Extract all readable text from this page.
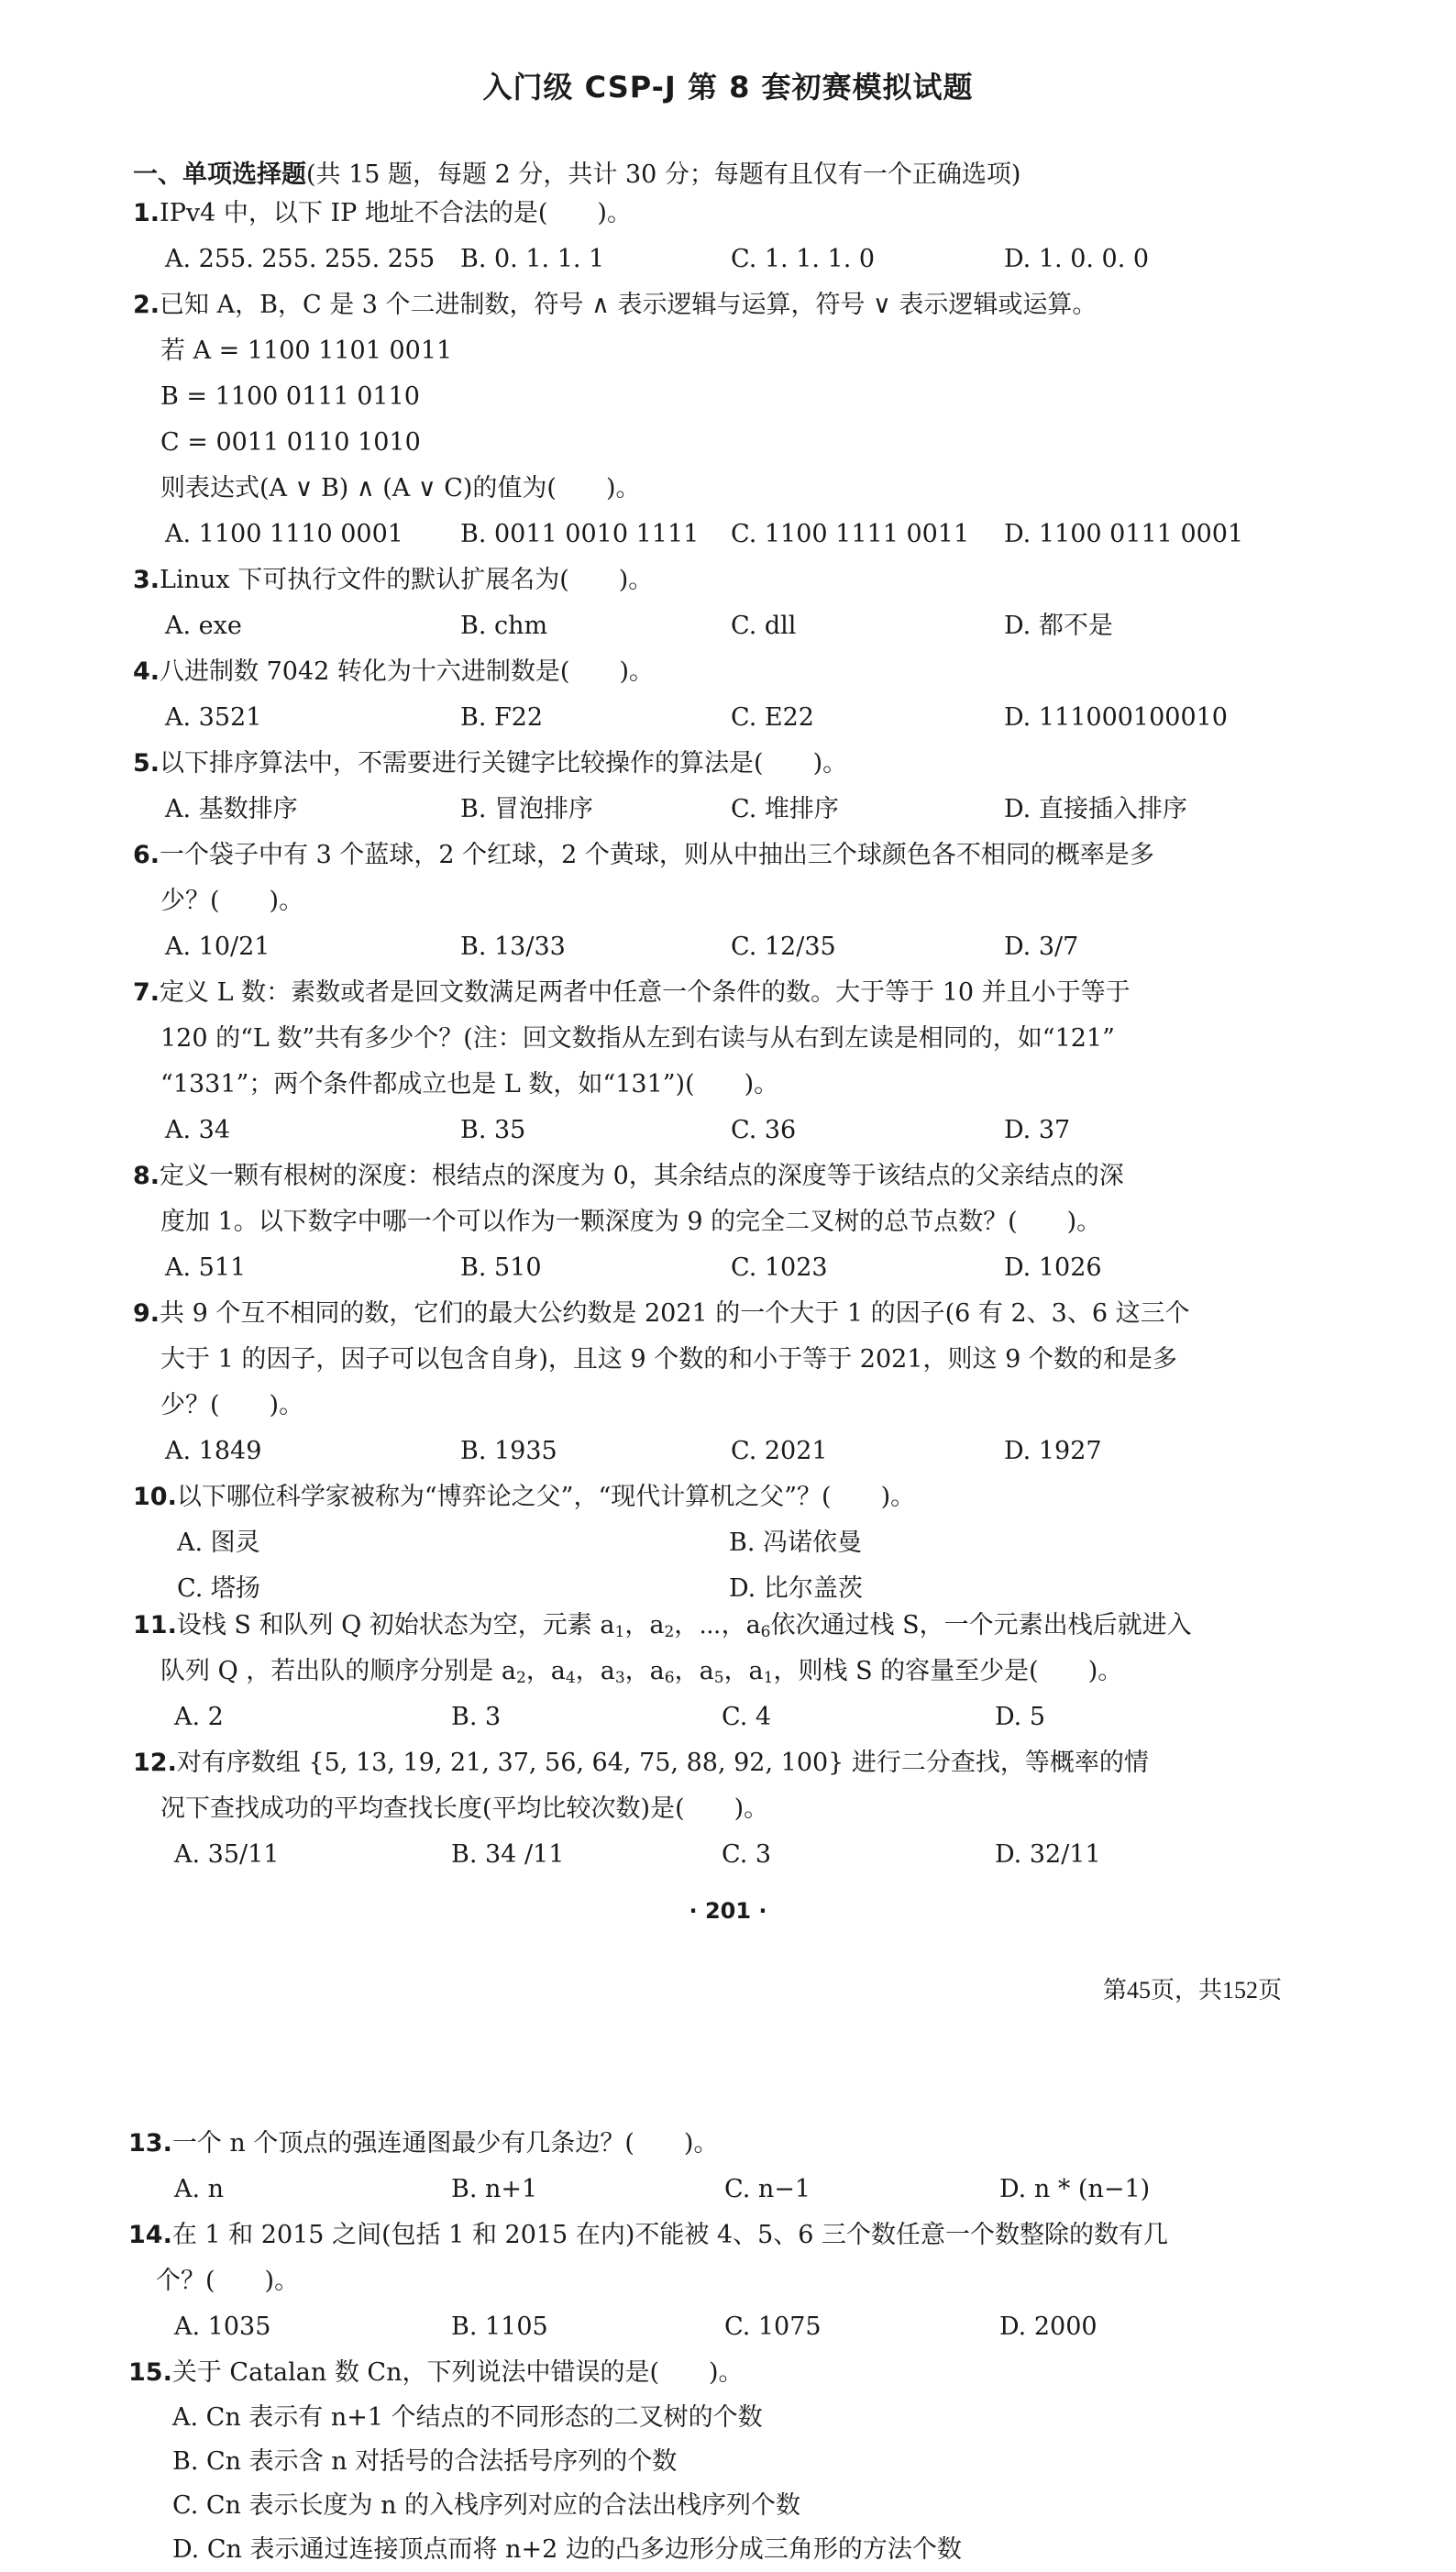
入门级 CSP-J 第 8 套初赛模拟试题
一、单项选择题(共 15 题，每题 2 分，共计 30 分；每题有且仅有一个正确选项)
1.IPv4 中，以下 IP 地址不合法的是(　　)。
A. 255. 255. 255. 255 B. 0. 1. 1. 1	C. 1. 1. 1. 0	D. 1. 0. 0. 0
2.已知 A，B，C 是 3 个二进制数，符号 ∧ 表示逻辑与运算，符号 ∨ 表示逻辑或运算。
若 A = 1100 1101 0011
B = 1100 0111 0110
C = 0011 0110 1010
则表达式(A ∨ B) ∧ (A ∨ C)的值为(　　)。
A. 1100 1110 0001 B. 0011 0010 1111 C. 1100 1111 0011 D. 1100 0111 0001
3.Linux 下可执行文件的默认扩展名为(　　)。
A. exe	B. chm	C. dll	D. 都不是
4.八进制数 7042 转化为十六进制数是(　　)。
A. 3521	B. F22	C. E22	D. 111000100010
5.以下排序算法中，不需要进行关键字比较操作的算法是(　　)。
A. 基数排序	B. 冒泡排序	C. 堆排序	D. 直接插入排序
6.一个袋子中有 3 个蓝球，2 个红球，2 个黄球，则从中抽出三个球颜色各不相同的概率是多
少？(　　)。
A. 10/21	B. 13/33	C. 12/35	D. 3/7
7.定义 L 数：素数或者是回文数满足两者中任意一个条件的数。大于等于 10 并且小于等于
120 的“L 数”共有多少个？(注：回文数指从左到右读与从右到左读是相同的，如“121”
“1331”；两个条件都成立也是 L 数，如“131”)(　　)。
A. 34	B. 35	C. 36	D. 37
8.定义一颗有根树的深度：根结点的深度为 0，其余结点的深度等于该结点的父亲结点的深
度加 1。以下数字中哪一个可以作为一颗深度为 9 的完全二叉树的总节点数？(　　)。
A. 511	B. 510	C. 1023	D. 1026
9.共 9 个互不相同的数，它们的最大公约数是 2021 的一个大于 1 的因子(6 有 2、3、6 这三个
大于 1 的因子，因子可以包含自身)，且这 9 个数的和小于等于 2021，则这 9 个数的和是多
少？(　　)。
A. 1849	B. 1935	C. 2021	D. 1927
10.以下哪位科学家被称为“博弈论之父”，“现代计算机之父”？(　　)。
A. 图灵	B. 冯诺依曼
C. 塔扬	D. 比尔盖茨
11.设栈 S 和队列 Q 初始状态为空，元素 $a_1$，$a_2$，⋯，$a_6$依次通过栈 S，一个元素出栈后就进入
队列 Q ，若出队的顺序分别是 $a_2$，$a_4$，$a_3$，$a_6$，$a_5$，$a_1$，则栈 S 的容量至少是(　　)。
A. 2	B. 3	C. 4	D. 5
12.对有序数组 {5, 13, 19, 21, 37, 56, 64, 75, 88, 92, 100} 进行二分查找，等概率的情
况下查找成功的平均查找长度(平均比较次数)是(　　)。
A. 35/11	B. 34 /11	C. 3	D. 32/11
· 201 ·
第45页，共152页
13.一个 n 个顶点的强连通图最少有几条边？(　　)。
A. n	B. n+1	C. n−1	D. n * (n−1)
14.在 1 和 2015 之间(包括 1 和 2015 在内)不能被 4、5、6 三个数任意一个数整除的数有几
个？(　　)。
A. 1035	B. 1105	C. 1075	D. 2000
15.关于 Catalan 数 Cn，下列说法中错误的是(　　)。
A. Cn 表示有 n+1 个结点的不同形态的二叉树的个数
B. Cn 表示含 n 对括号的合法括号序列的个数
C. Cn 表示长度为 n 的入栈序列对应的合法出栈序列个数
D. Cn 表示通过连接顶点而将 n+2 边的凸多边形分成三角形的方法个数
